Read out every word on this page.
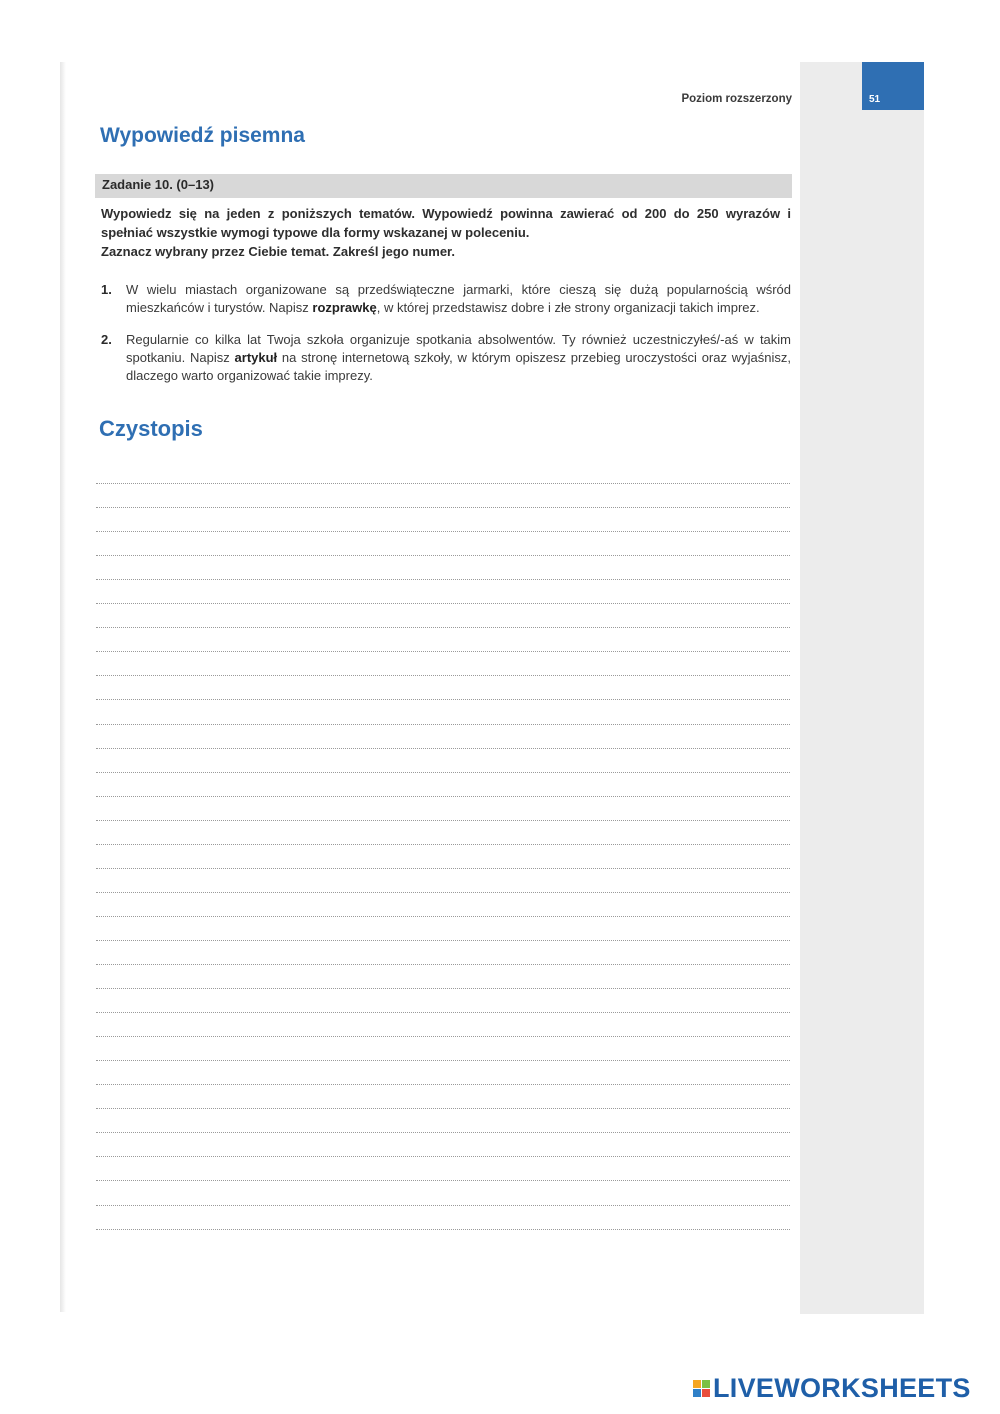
51
Poziom rozszerzony
Wypowiedź pisemna
Zadanie 10. (0–13)

Wypowiedz się na jeden z poniższych tematów. Wypowiedź powinna zawierać od 200 do 250 wyrazów i spełniać wszystkie wymogi typowe dla formy wskazanej w poleceniu.

Zaznacz wybrany przez Ciebie temat. Zakreśl jego numer.

1. W wielu miastach organizowane są przedświąteczne jarmarki, które cieszą się dużą popularnością wśród mieszkańców i turystów. Napisz rozprawkę, w której przedstawisz dobre i złe strony organizacji takich imprez.
2. Regularnie co kilka lat Twoja szkoła organizuje spotkania absolwentów. Ty również uczestniczyłeś/-aś w takim spotkaniu. Napisz artykuł na stronę internetową szkoły, w którym opiszesz przebieg uroczystości oraz wyjaśnisz, dlaczego warto organizować takie imprezy.
Czystopis
LIVEWORKSHEETS
